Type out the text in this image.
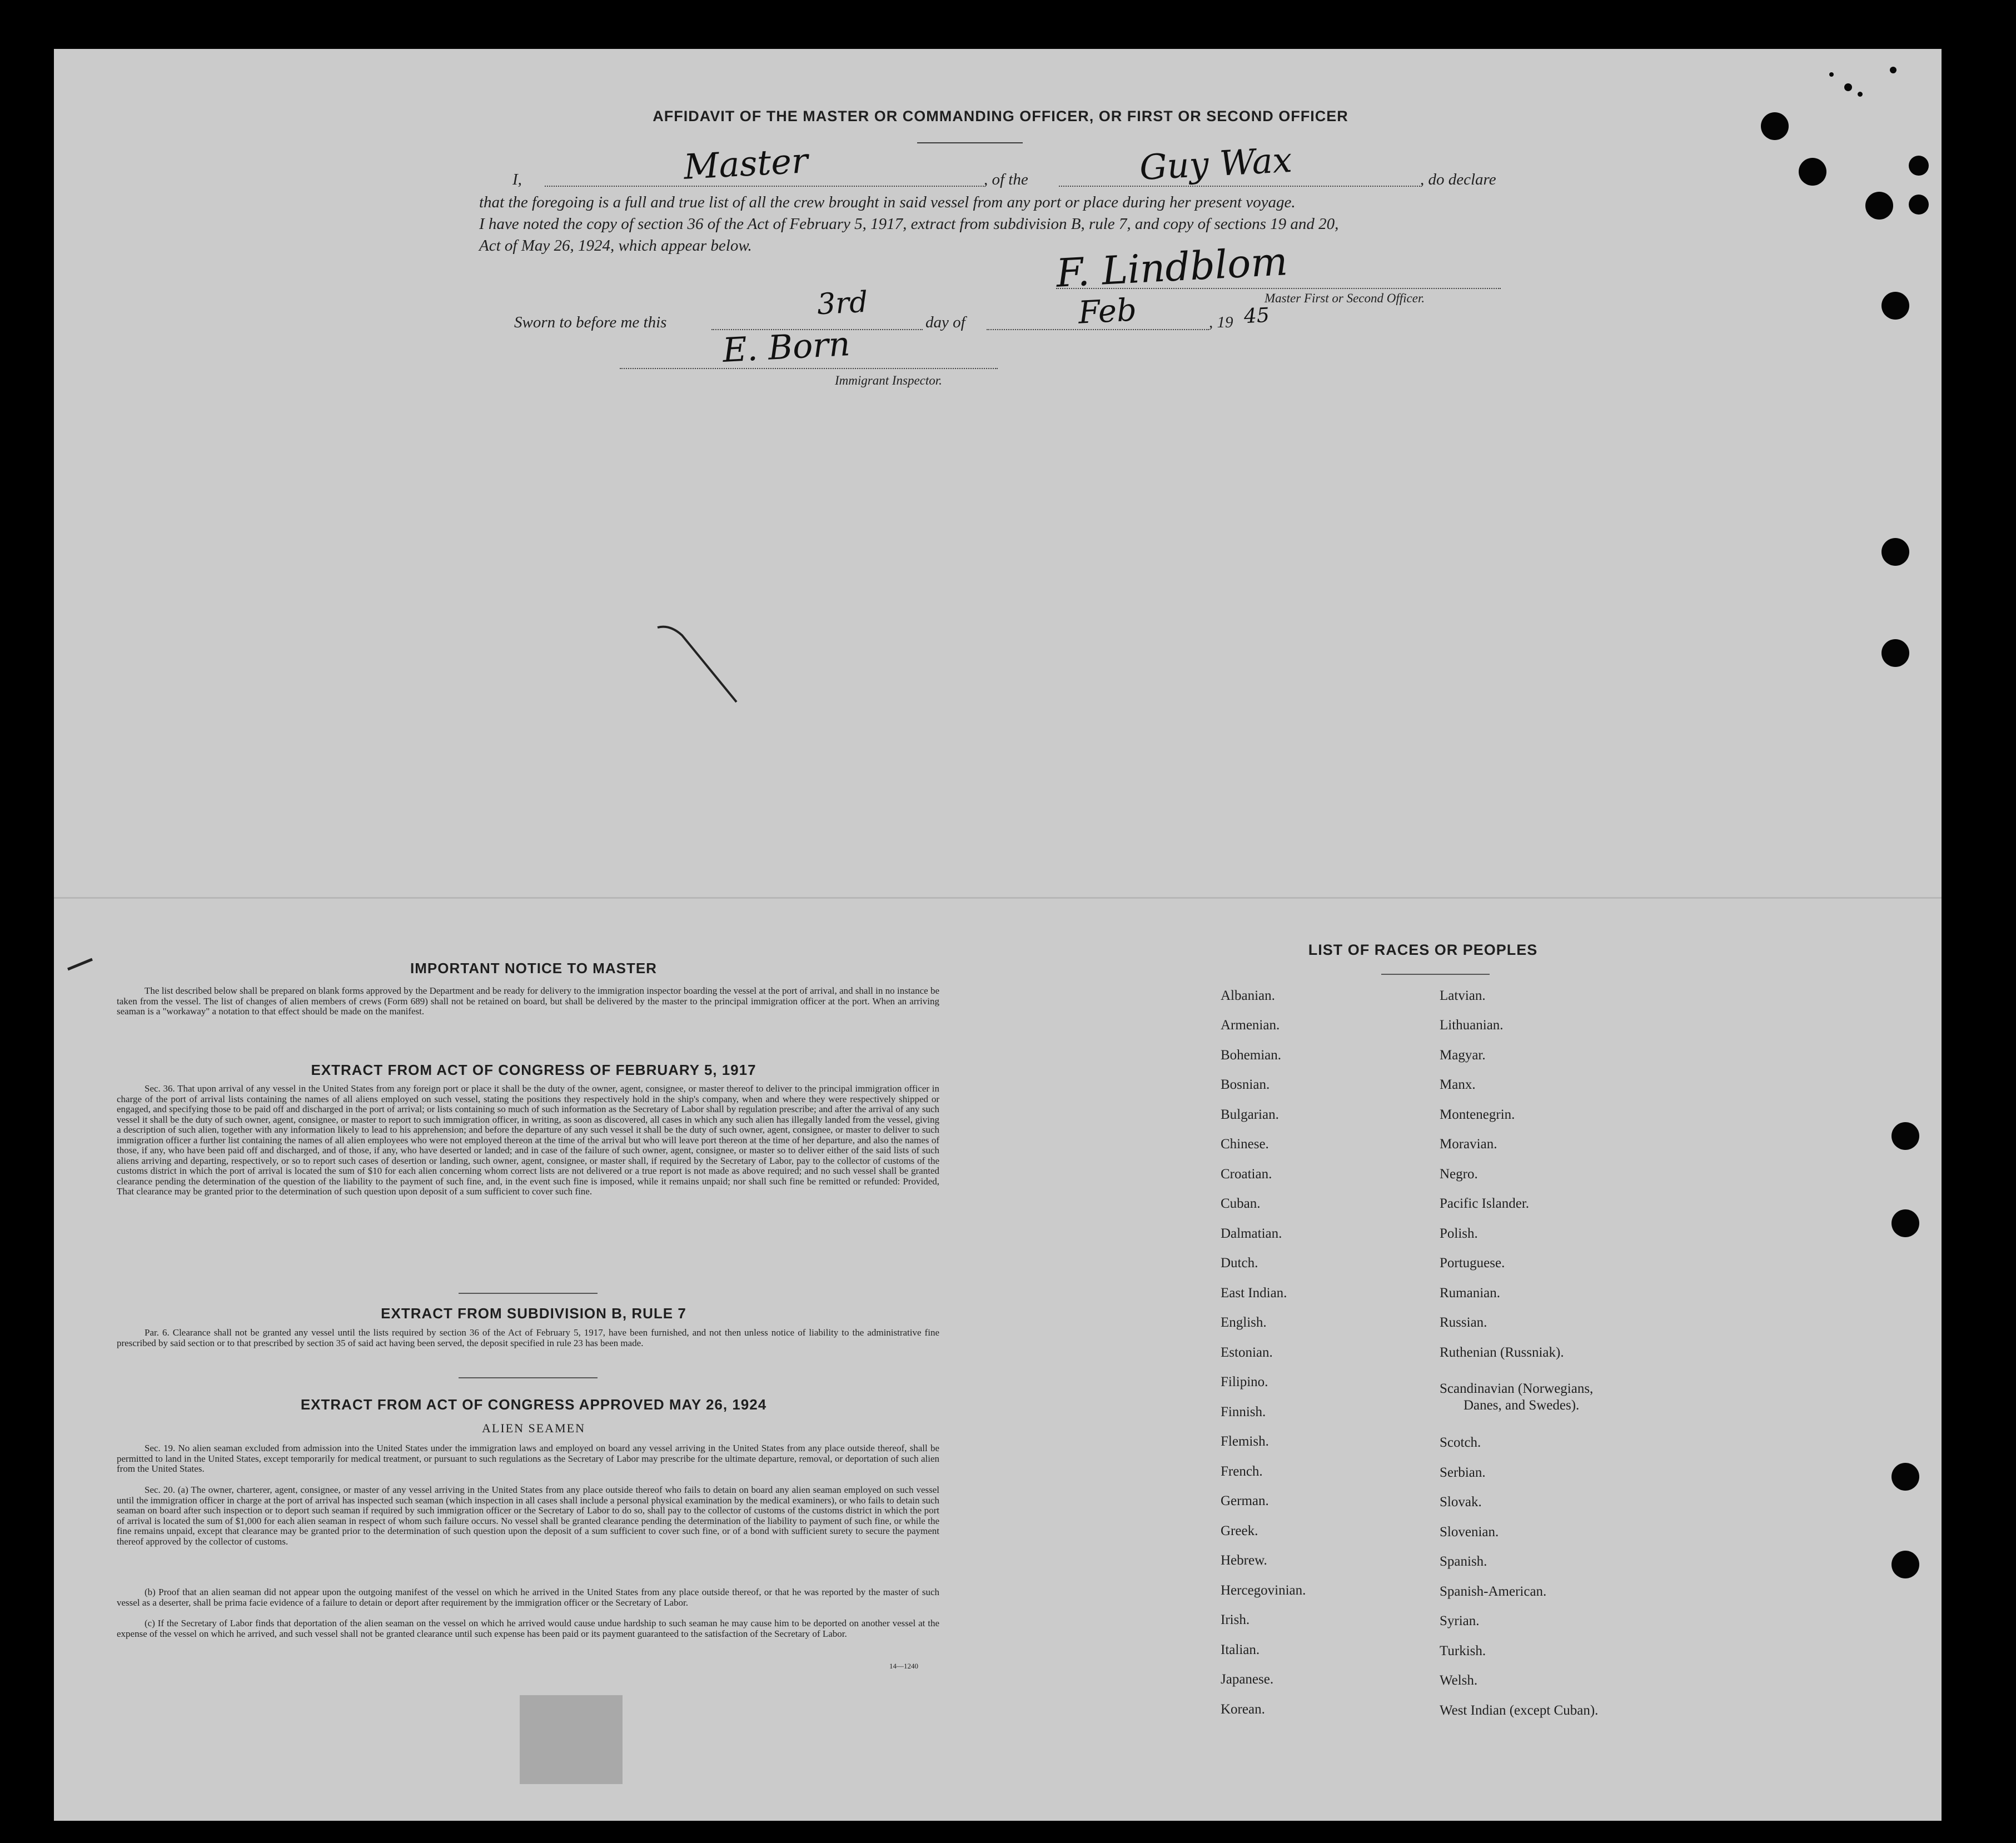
AFFIDAVIT OF THE MASTER OR COMMANDING OFFICER, OR FIRST OR SECOND OFFICER
I,	Master	, of the	Guy Wax	, do declare
that the foregoing is a full and true list of all the crew brought in said vessel from any port or place during her present voyage.
I have noted the copy of section 36 of the Act of February 5, 1917, extract from subdivision B, rule 7, and copy of sections 19 and 20,
Act of May 26, 1924, which appear below.	F. Lindblom
Master First or Second Officer.
Sworn to before me this
3rd
day of	Feb	, 19 45
E. Born
Immigrant Inspector.
IMPORTANT NOTICE TO MASTER

The list described below shall be prepared on blank forms approved by the Department and be ready for delivery to the immigration inspector boarding the vessel at the port of arrival, and shall in no instance be taken from the vessel. The list of changes of alien members of crews (Form 689) shall not be retained on board, but shall be delivered by the master to the principal immigration officer at the port. When an arriving seaman is a "workaway" a notation to that effect should be made on the manifest.

EXTRACT FROM ACT OF CONGRESS OF FEBRUARY 5, 1917

Sec. 36. That upon arrival of any vessel in the United States from any foreign port or place it shall be the duty of the owner, agent, consignee, or master thereof to deliver to the principal immigration officer in charge of the port of arrival lists containing the names of all aliens employed on such vessel, stating the positions they respectively hold in the ship's company, when and where they were respectively shipped or engaged, and specifying those to be paid off and discharged in the port of arrival; or lists containing so much of such information as the Secretary of Labor shall by regulation prescribe; and after the arrival of any such vessel it shall be the duty of such owner, agent, consignee, or master to report to such immigration officer, in writing, as soon as discovered, all cases in which any such alien has illegally landed from the vessel, giving a description of such alien, together with any information likely to lead to his apprehension; and before the departure of any such vessel it shall be the duty of such owner, agent, consignee, or master to deliver to such immigration officer a further list containing the names of all alien employees who were not employed thereon at the time of the arrival but who will leave port thereon at the time of her departure, and also the names of those, if any, who have been paid off and discharged, and of those, if any, who have deserted or landed; and in case of the failure of such owner, agent, consignee, or master so to deliver either of the said lists of such aliens arriving and departing, respectively, or so to report such cases of desertion or landing, such owner, agent, consignee, or master shall, if required by the Secretary of Labor, pay to the collector of customs of the customs district in which the port of arrival is located the sum of $10 for each alien concerning whom correct lists are not delivered or a true report is not made as above required; and no such vessel shall be granted clearance pending the determination of the question of the liability to the payment of such fine, and, in the event such fine is imposed, while it remains unpaid; nor shall such fine be remitted or refunded: Provided, That clearance may be granted prior to the determination of such question upon deposit of a sum sufficient to cover such fine.

EXTRACT FROM SUBDIVISION B, RULE 7

Par. 6. Clearance shall not be granted any vessel until the lists required by section 36 of the Act of February 5, 1917, have been furnished, and not then unless notice of liability to the administrative fine prescribed by said section or to that prescribed by section 35 of said act having been served, the deposit specified in rule 23 has been made.

EXTRACT FROM ACT OF CONGRESS APPROVED MAY 26, 1924
ALIEN SEAMEN

Sec. 19. No alien seaman excluded from admission into the United States under the immigration laws and employed on board any vessel arriving in the United States from any place outside thereof, shall be permitted to land in the United States, except temporarily for medical treatment, or pursuant to such regulations as the Secretary of Labor may prescribe for the ultimate departure, removal, or deportation of such alien from the United States.

Sec. 20. (a) The owner, charterer, agent, consignee, or master of any vessel arriving in the United States from any place outside thereof who fails to detain on board any alien seaman employed on such vessel until the immigration officer in charge at the port of arrival has inspected such seaman (which inspection in all cases shall include a personal physical examination by the medical examiners), or who fails to detain such seaman on board after such inspection or to deport such seaman if required by such immigration officer or the Secretary of Labor to do so, shall pay to the collector of customs of the customs district in which the port of arrival is located the sum of $1,000 for each alien seaman in respect of whom such failure occurs. No vessel shall be granted clearance pending the determination of the liability to payment of such fine, or while the fine remains unpaid, except that clearance may be granted prior to the determination of such question upon the deposit of a sum sufficient to cover such fine, or of a bond with sufficient surety to secure the payment thereof approved by the collector of customs.

(b) Proof that an alien seaman did not appear upon the outgoing manifest of the vessel on which he arrived in the United States from any place outside thereof, or that he was reported by the master of such vessel as a deserter, shall be prima facie evidence of a failure to detain or deport after requirement by the immigration officer or the Secretary of Labor.

(c) If the Secretary of Labor finds that deportation of the alien seaman on the vessel on which he arrived would cause undue hardship to such seaman he may cause him to be deported on another vessel at the expense of the vessel on which he arrived, and such vessel shall not be granted clearance until such expense has been paid or its payment guaranteed to the satisfaction of the Secretary of Labor.

14—1240
LIST OF RACES OR PEOPLES
Albanian.
Armenian.
Bohemian.
Bosnian.
Bulgarian.
Chinese.
Croatian.
Cuban.
Dalmatian.
Dutch.
East Indian.
English.
Estonian.
Filipino.
Finnish.
Flemish.
French.
German.
Greek.
Hebrew.
Hercegovinian.
Irish.
Italian.
Japanese.
Korean.
Latvian.
Lithuanian.
Magyar.
Manx.
Montenegrin.
Moravian.
Negro.
Pacific Islander.
Polish.
Portuguese.
Rumanian.
Russian.
Ruthenian (Russniak).
Scandinavian (Norwegians,
Danes, and Swedes).
Scotch.
Serbian.
Slovak.
Slovenian.
Spanish.
Spanish-American.
Syrian.
Turkish.
Welsh.
West Indian (except Cuban).
